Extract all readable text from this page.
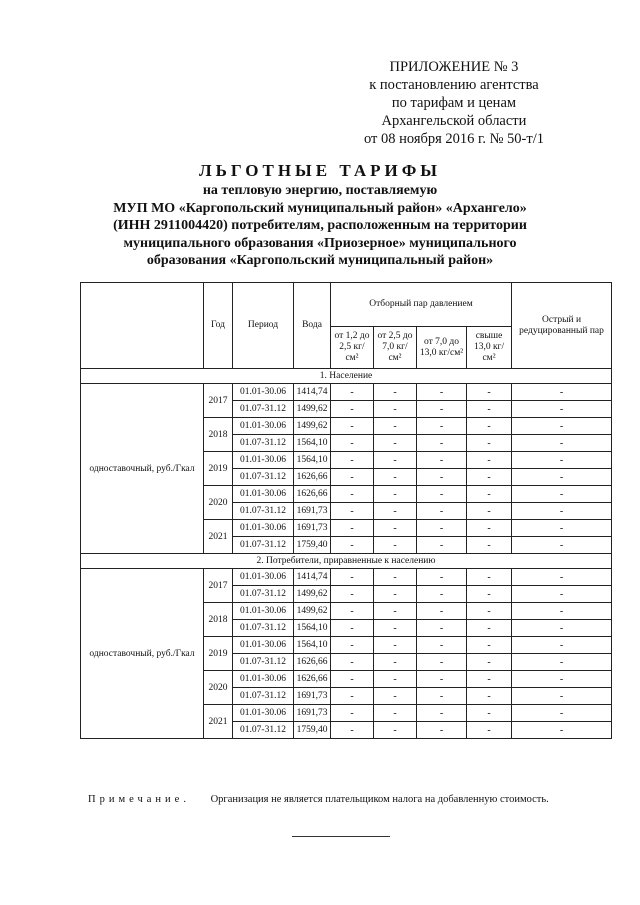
ПРИЛОЖЕНИЕ № 3
к постановлению агентства
по тарифам и ценам
Архангельской области
от 08 ноября 2016 г. № 50-т/1
ЛЬГОТНЫЕ ТАРИФЫ
на тепловую энергию, поставляемую
МУП МО «Каргопольский муниципальный район» «Архангело»
(ИНН 2911004420) потребителям, расположенным на территории
муниципального образования «Приозерное» муниципального
образования «Каргопольский муниципальный район»
	Год	Период	Вода	Отборный пар давлением				Острый и редуцированный пар
				от 1,2 до 2,5 кг/см²	от 2,5 до 7,0 кг/см²	от 7,0 до 13,0 кг/см²	свыше 13,0 кг/см²	
1. Население								
одноставочный, руб./Гкал	2017	01.01-30.06	1414,74	-	-	-	-	-
		01.07-31.12	1499,62	-	-	-	-	-
	2018	01.01-30.06	1499,62	-	-	-	-	-
		01.07-31.12	1564,10	-	-	-	-	-
	2019	01.01-30.06	1564,10	-	-	-	-	-
		01.07-31.12	1626,66	-	-	-	-	-
	2020	01.01-30.06	1626,66	-	-	-	-	-
		01.07-31.12	1691,73	-	-	-	-	-
	2021	01.01-30.06	1691,73	-	-	-	-	-
		01.07-31.12	1759,40	-	-	-	-	-
2. Потребители, приравненные к населению								
одноставочный, руб./Гкал	2017	01.01-30.06	1414,74	-	-	-	-	-
		01.07-31.12	1499,62	-	-	-	-	-
	2018	01.01-30.06	1499,62	-	-	-	-	-
		01.07-31.12	1564,10	-	-	-	-	-
	2019	01.01-30.06	1564,10	-	-	-	-	-
		01.07-31.12	1626,66	-	-	-	-	-
	2020	01.01-30.06	1626,66	-	-	-	-	-
		01.07-31.12	1691,73	-	-	-	-	-
	2021	01.01-30.06	1691,73	-	-	-	-	-
		01.07-31.12	1759,40	-	-	-	-	-
Примечание. Организация не является плательщиком налога на добавленную стоимость.
